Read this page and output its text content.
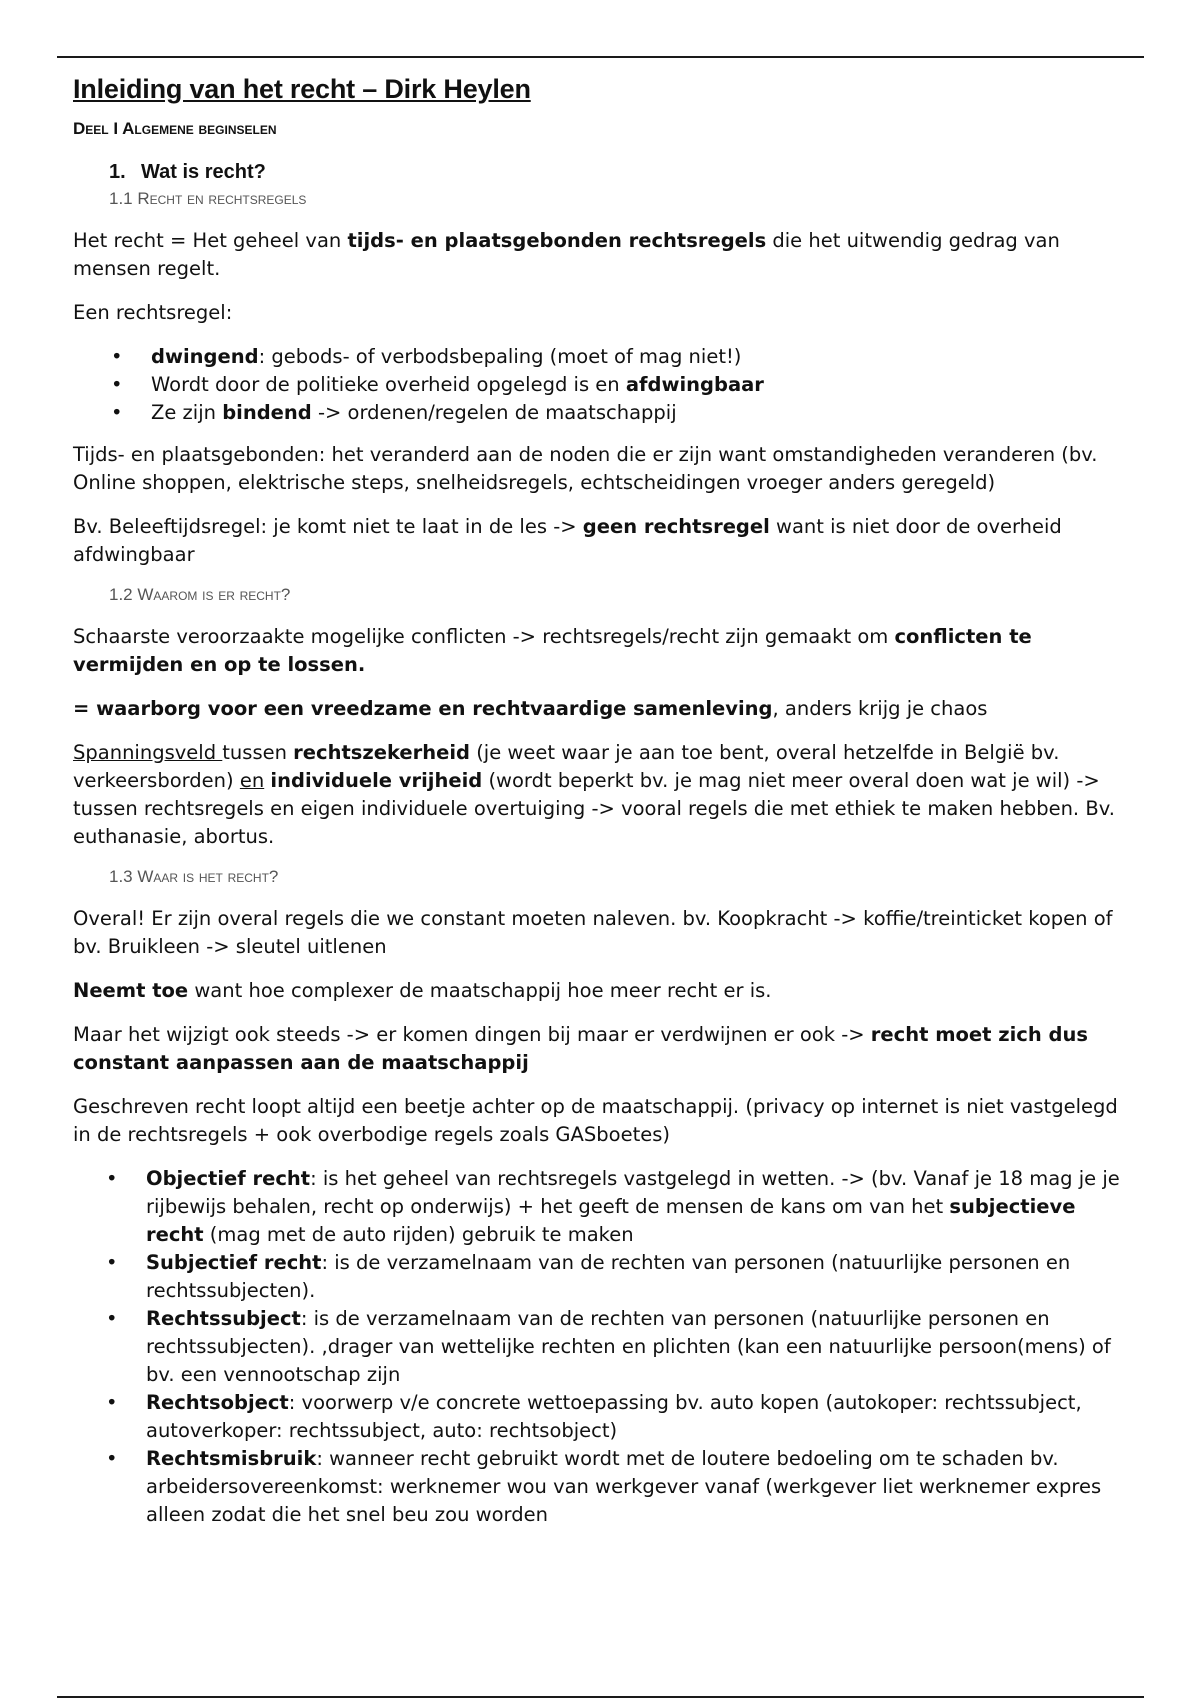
Inleiding van het recht – Dirk Heylen
Deel I Algemene beginselen
1. Wat is recht?
1.1 Recht en rechtsregels

Het recht = Het geheel van tijds- en plaatsgebonden rechtsregels die het uitwendig gedrag van mensen regelt.

Een rechtsregel:

• dwingend: gebods- of verbodsbepaling (moet of mag niet!)
• Wordt door de politieke overheid opgelegd is en afdwingbaar
• Ze zijn bindend -> ordenen/regelen de maatschappij

Tijds- en plaatsgebonden: het veranderd aan de noden die er zijn want omstandigheden veranderen (bv. Online shoppen, elektrische steps, snelheidsregels, echtscheidingen vroeger anders geregeld)

Bv. Beleeftijdsregel: je komt niet te laat in de les -> geen rechtsregel want is niet door de overheid afdwingbaar

1.2 Waarom is er recht?

Schaarste veroorzaakte mogelijke conflicten -> rechtsregels/recht zijn gemaakt om conflicten te vermijden en op te lossen.

= waarborg voor een vreedzame en rechtvaardige samenleving, anders krijg je chaos

Spanningsveld tussen rechtszekerheid (je weet waar je aan toe bent, overal hetzelfde in België bv. verkeersborden) en individuele vrijheid (wordt beperkt bv. je mag niet meer overal doen wat je wil) -> tussen rechtsregels en eigen individuele overtuiging -> vooral regels die met ethiek te maken hebben. Bv. euthanasie, abortus.

1.3 Waar is het recht?

Overal! Er zijn overal regels die we constant moeten naleven. bv. Koopkracht -> koffie/treinticket kopen of bv. Bruikleen -> sleutel uitlenen

Neemt toe want hoe complexer de maatschappij hoe meer recht er is.

Maar het wijzigt ook steeds -> er komen dingen bij maar er verdwijnen er ook -> recht moet zich dus constant aanpassen aan de maatschappij

Geschreven recht loopt altijd een beetje achter op de maatschappij. (privacy op internet is niet vastgelegd in de rechtsregels + ook overbodige regels zoals GASboetes)

• Objectief recht: is het geheel van rechtsregels vastgelegd in wetten. -> (bv. Vanaf je 18 mag je je rijbewijs behalen, recht op onderwijs) + het geeft de mensen de kans om van het subjectieve recht (mag met de auto rijden) gebruik te maken
• Subjectief recht: is de verzamelnaam van de rechten van personen (natuurlijke personen en rechtssubjecten).
• Rechtssubject: is de verzamelnaam van de rechten van personen (natuurlijke personen en rechtssubjecten). ,drager van wettelijke rechten en plichten (kan een natuurlijke persoon(mens) of bv. een vennootschap zijn
• Rechtsobject: voorwerp v/e concrete wettoepassing bv. auto kopen (autokoper: rechtssubject, autoverkoper: rechtssubject, auto: rechtsobject)
• Rechtsmisbruik: wanneer recht gebruikt wordt met de loutere bedoeling om te schaden bv. arbeidersovereenkomst: werknemer wou van werkgever vanaf (werkgever liet werknemer expres alleen zodat die het snel beu zou worden
